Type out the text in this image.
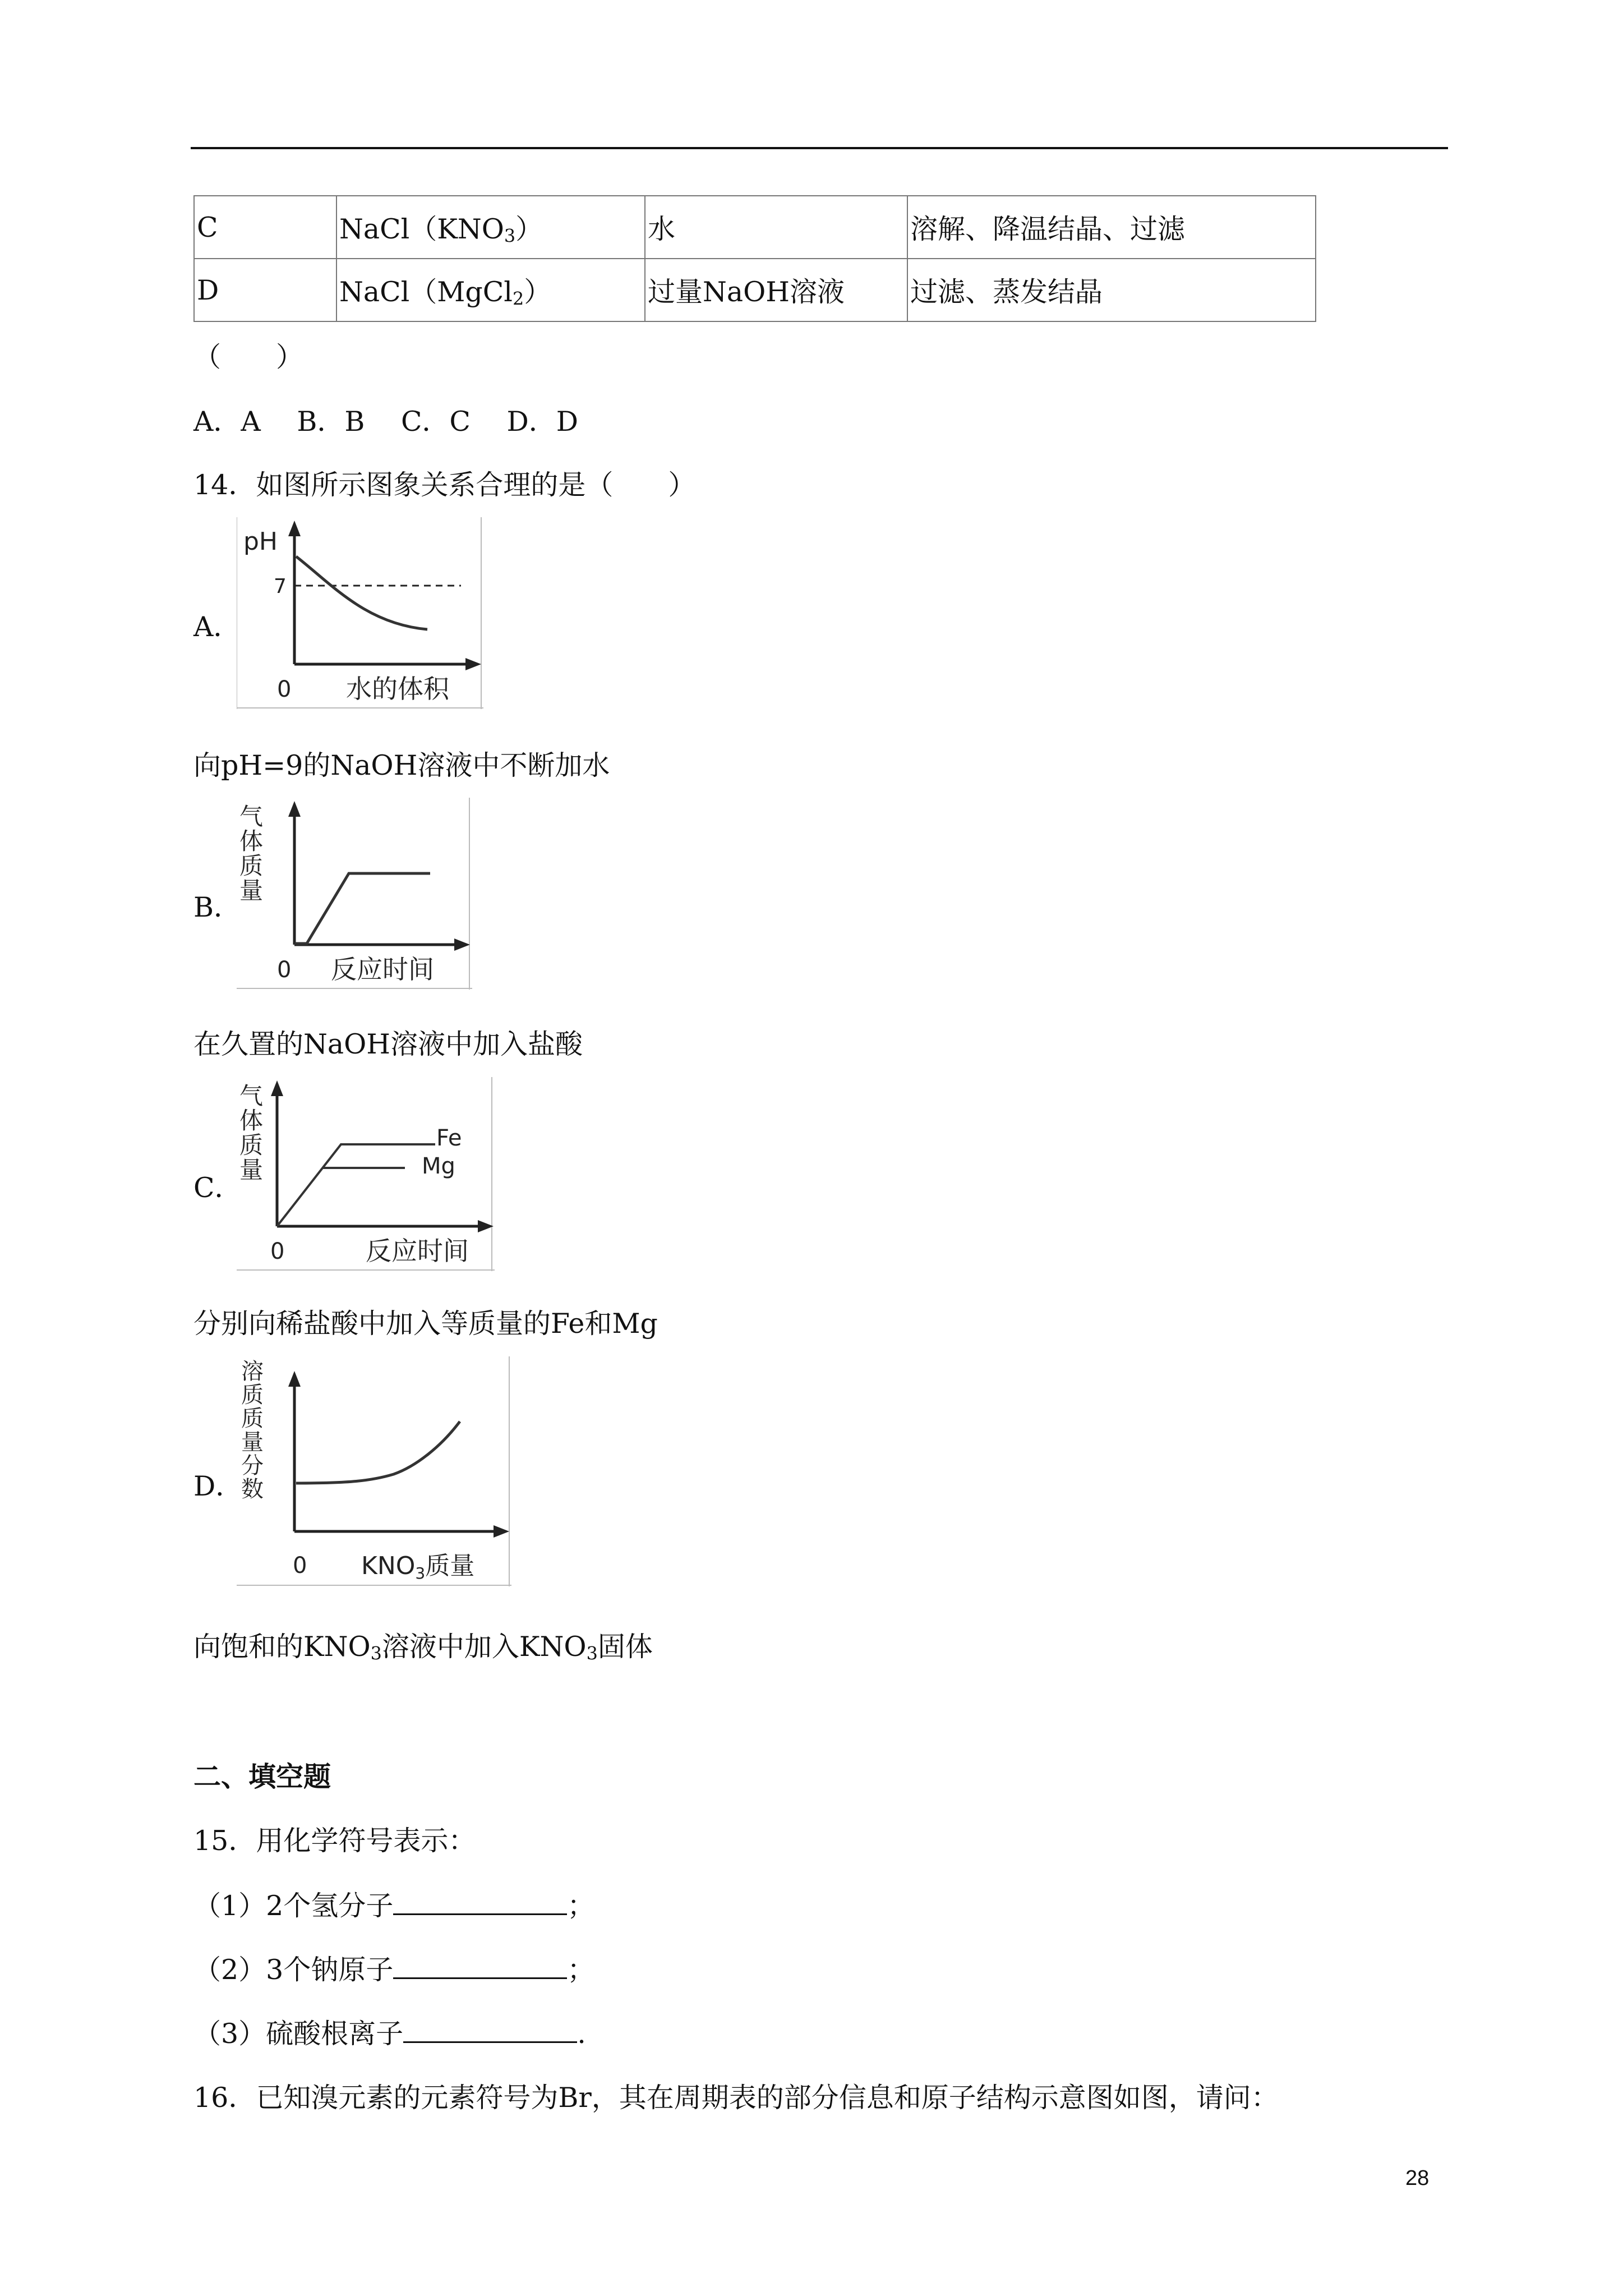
C	$NaCl(KNO_3)$	水	溶解、降温结晶、过滤
D	NaCl（MgCl$_2$）	过量NaOH溶液	过滤、蒸发结晶
（　　）
A．A　 B．B　 C．C　 D．D
14．如图所示图象关系合理的是（　　）
A．
pH
7
0 水的体积
向pH=9的NaOH溶液中不断加水
B．
气
体
质
量
0 反应时间
在久置的NaOH溶液中加入盐酸
C．
气
体
质
量
Fe
Mg
0	反应时间
分别向稀盐酸中加入等质量的Fe和Mg
D．
溶
质
质
量
分
数
0 KNO3质量
向饱和的$KNO_3$溶液中加入$KNO_3$固体
二、填空题
15．用化学符号表示：
（1）2个氢分子	；
（2）3个钠原子	；
（3）硫酸根离子	.
16．已知溴元素的元素符号为Br，其在周期表的部分信息和原子结构示意图如图，请问：
28
